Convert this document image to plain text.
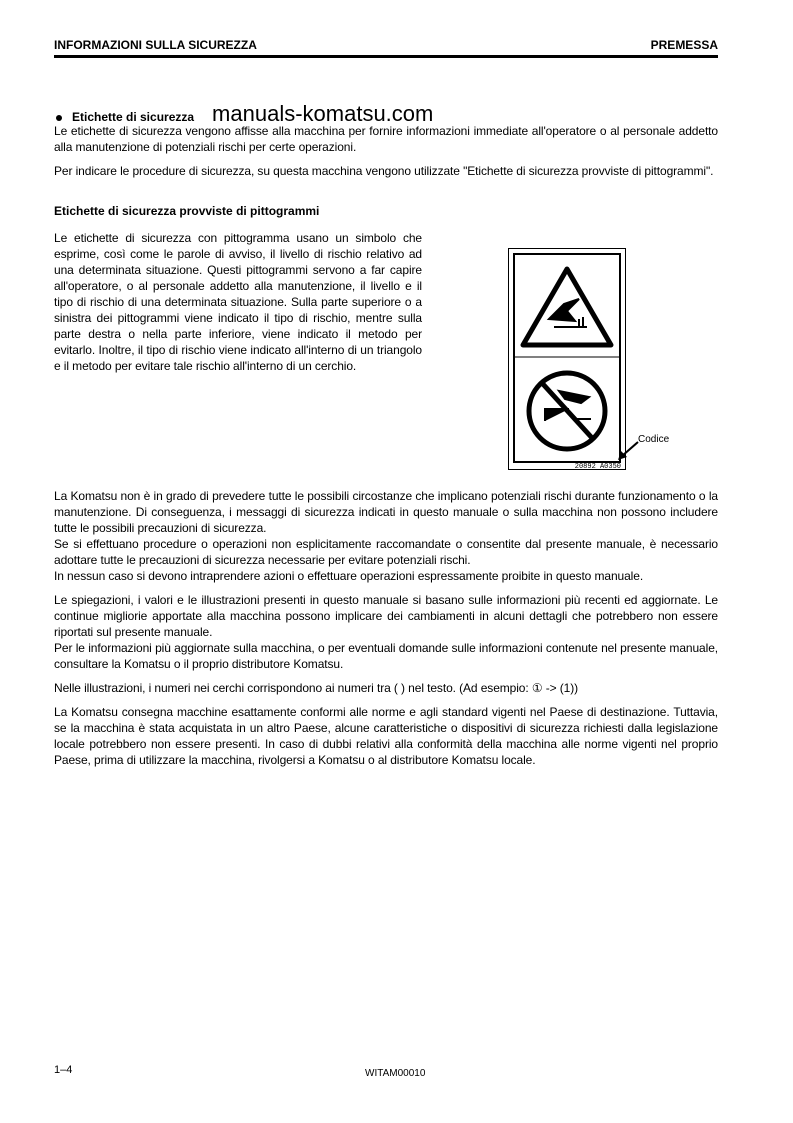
INFORMAZIONI SULLA SICUREZZA	PREMESSA
Etichette di sicurezza manuals-komatsu.com
Le etichette di sicurezza vengono affisse alla macchina per fornire informazioni immediate all'operatore o al personale addetto alla manutenzione di potenziali rischi per certe operazioni.
Per indicare le procedure di sicurezza, su questa macchina vengono utilizzate "Etichette di sicurezza provviste di pittogrammi".
Etichette di sicurezza provviste di pittogrammi
Le etichette di sicurezza con pittogramma usano un simbolo che esprime, così come le parole di avviso, il livello di rischio relativo ad una determinata situazione. Questi pittogrammi servono a far capire all'operatore, o al personale addetto alla manutenzione, il livello e il tipo di rischio di una determinata situazione. Sulla parte superiore o a sinistra dei pittogrammi viene indicato il tipo di rischio, mentre sulla parte destra o nella parte inferiore, viene indicato il metodo per evitarlo. Inoltre, il tipo di rischio viene indicato all'interno di un triangolo e il metodo per evitare tale rischio all'interno di un cerchio.
20892 A0350
Codice
La Komatsu non è in grado di prevedere tutte le possibili circostanze che implicano potenziali rischi durante funzionamento o la manutenzione. Di conseguenza, i messaggi di sicurezza indicati in questo manuale o sulla macchina non possono includere tutte le possibili precauzioni di sicurezza.
Se si effettuano procedure o operazioni non esplicitamente raccomandate o consentite dal presente manuale, è necessario adottare tutte le precauzioni di sicurezza necessarie per evitare potenziali rischi.
In nessun caso si devono intraprendere azioni o effettuare operazioni espressamente proibite in questo manuale.
Le spiegazioni, i valori e le illustrazioni presenti in questo manuale si basano sulle informazioni più recenti ed aggiornate. Le continue migliorie apportate alla macchina possono implicare dei cambiamenti in alcuni dettagli che potrebbero non essere riportati sul presente manuale.
Per le informazioni più aggiornate sulla macchina, o per eventuali domande sulle informazioni contenute nel presente manuale, consultare la Komatsu o il proprio distributore Komatsu.
Nelle illustrazioni, i numeri nei cerchi corrispondono ai numeri tra ( ) nel testo. (Ad esempio: ① -> (1))
La Komatsu consegna macchine esattamente conformi alle norme e agli standard vigenti nel Paese di destinazione. Tuttavia, se la macchina è stata acquistata in un altro Paese, alcune caratteristiche o dispositivi di sicurezza richiesti dalla legislazione locale potrebbero non essere presenti. In caso di dubbi relativi alla conformità della macchina alle norme vigenti nel proprio Paese, prima di utilizzare la macchina, rivolgersi a Komatsu o al distributore Komatsu locale.
1–4	WITAM00010
